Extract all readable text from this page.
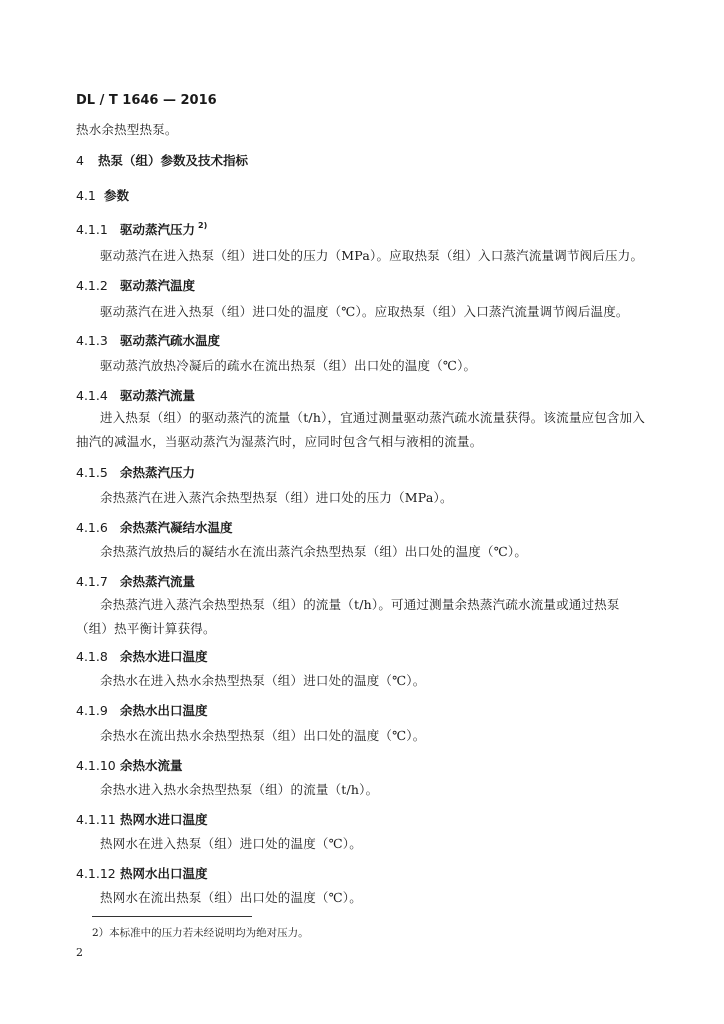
DL / T 1646 — 2016
热水余热型热泵。
4 热泵（组）参数及技术指标
4.1 参数
4.1.1 驱动蒸汽压力 $^{2)}$
驱动蒸汽在进入热泵（组）进口处的压力（MPa）。应取热泵（组）入口蒸汽流量调节阀后压力。
4.1.2 驱动蒸汽温度
驱动蒸汽在进入热泵（组）进口处的温度（℃）。应取热泵（组）入口蒸汽流量调节阀后温度。
4.1.3 驱动蒸汽疏水温度
驱动蒸汽放热冷凝后的疏水在流出热泵（组）出口处的温度（℃）。
4.1.4 驱动蒸汽流量
进入热泵（组）的驱动蒸汽的流量（t/h），宜通过测量驱动蒸汽疏水流量获得。该流量应包含加入抽汽的减温水，当驱动蒸汽为湿蒸汽时，应同时包含气相与液相的流量。
4.1.5 余热蒸汽压力
余热蒸汽在进入蒸汽余热型热泵（组）进口处的压力（MPa）。
4.1.6 余热蒸汽凝结水温度
余热蒸汽放热后的凝结水在流出蒸汽余热型热泵（组）出口处的温度（℃）。
4.1.7 余热蒸汽流量
余热蒸汽进入蒸汽余热型热泵（组）的流量（t/h）。可通过测量余热蒸汽疏水流量或通过热泵（组）热平衡计算获得。
4.1.8 余热水进口温度
余热水在进入热水余热型热泵（组）进口处的温度（℃）。
4.1.9 余热水出口温度
余热水在流出热水余热型热泵（组）出口处的温度（℃）。
4.1.10 余热水流量
余热水进入热水余热型热泵（组）的流量（t/h）。
4.1.11 热网水进口温度
热网水在进入热泵（组）进口处的温度（℃）。
4.1.12 热网水出口温度
热网水在流出热泵（组）出口处的温度（℃）。
2）本标准中的压力若未经说明均为绝对压力。
2
